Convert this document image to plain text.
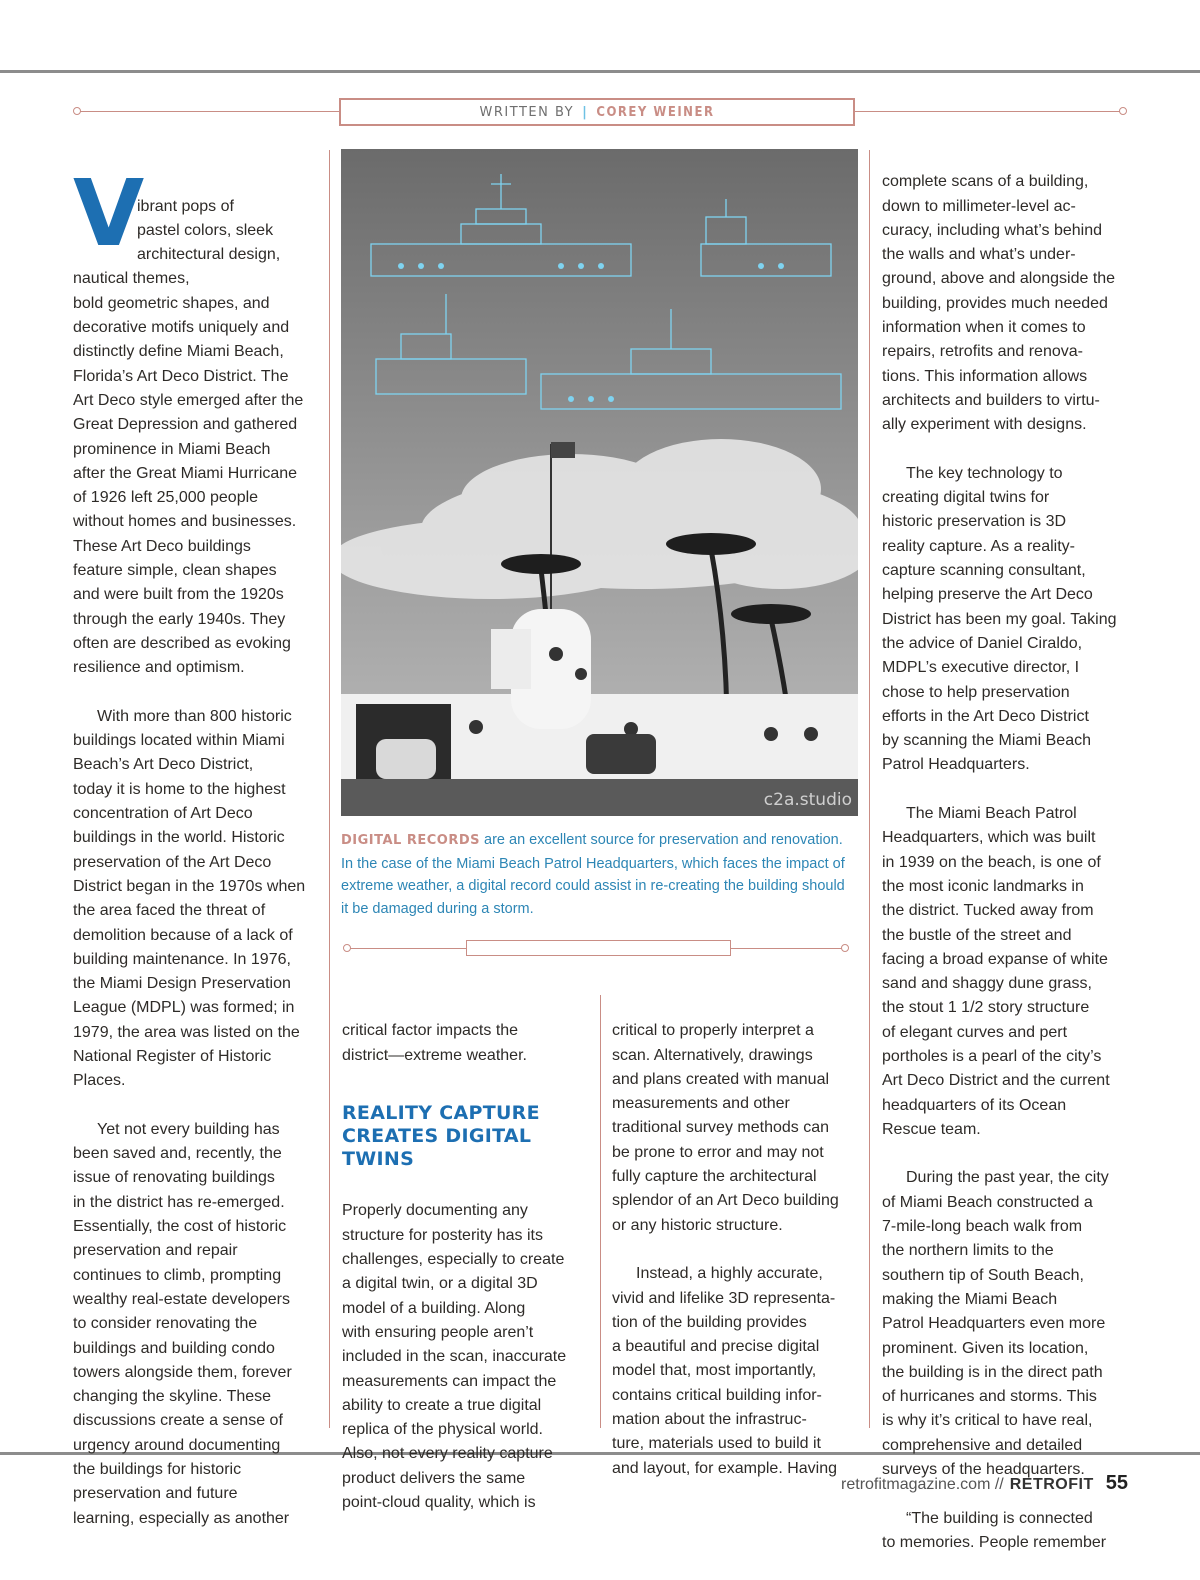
WRITTEN BY | COREY WEINER

V

ibrant pops of
pastel colors, sleek
architectural design,
nautical themes,
bold geometric shapes, and
decorative motifs uniquely and
distinctly define Miami Beach,
Florida’s Art Deco District. The
Art Deco style emerged after the
Great Depression and gathered
prominence in Miami Beach
after the Great Miami Hurricane
of 1926 left 25,000 people
without homes and businesses.
These Art Deco buildings
feature simple, clean shapes
and were built from the 1920s
through the early 1940s. They
often are described as evoking
resilience and optimism.

With more than 800 historic
buildings located within Miami
Beach’s Art Deco District,
today it is home to the highest
concentration of Art Deco
buildings in the world. Historic
preservation of the Art Deco
District began in the 1970s when
the area faced the threat of
demolition because of a lack of
building maintenance. In 1976,
the Miami Design Preservation
League (MDPL) was formed; in
1979, the area was listed on the
National Register of Historic
Places.

Yet not every building has
been saved and, recently, the
issue of renovating buildings
in the district has re-emerged.
Essentially, the cost of historic
preservation and repair
continues to climb, prompting
wealthy real-estate developers
to consider renovating the
buildings and building condo
towers alongside them, forever
changing the skyline. These
discussions create a sense of
urgency around documenting
the buildings for historic
preservation and future
learning, especially as another

c2a.studio
DIGITAL RECORDS are an excellent source for preservation and renovation. In the case of the Miami Beach Patrol Headquarters, which faces the impact of extreme weather, a digital record could assist in re-creating the building should it be damaged during a storm.

critical factor impacts the
district—extreme weather.

REALITY CAPTURE
CREATES DIGITAL TWINS

Properly documenting any
structure for posterity has its
challenges, especially to create
a digital twin, or a digital 3D
model of a building. Along
with ensuring people aren’t
included in the scan, inaccurate
measurements can impact the
ability to create a true digital
replica of the physical world.
Also, not every reality capture
product delivers the same
point-cloud quality, which is

critical to properly interpret a
scan. Alternatively, drawings
and plans created with manual
measurements and other
traditional survey methods can
be prone to error and may not
fully capture the architectural
splendor of an Art Deco building
or any historic structure.

Instead, a highly accurate,
vivid and lifelike 3D representa-
tion of the building provides
a beautiful and precise digital
model that, most importantly,
contains critical building infor-
mation about the infrastruc-
ture, materials used to build it
and layout, for example. Having

complete scans of a building,
down to millimeter-level ac-
curacy, including what’s behind
the walls and what’s under-
ground, above and alongside the
building, provides much needed
information when it comes to
repairs, retrofits and renova-
tions. This information allows
architects and builders to virtu-
ally experiment with designs.

The key technology to
creating digital twins for
historic preservation is 3D
reality capture. As a reality-
capture scanning consultant,
helping preserve the Art Deco
District has been my goal. Taking
the advice of Daniel Ciraldo,
MDPL’s executive director, I
chose to help preservation
efforts in the Art Deco District
by scanning the Miami Beach
Patrol Headquarters.

The Miami Beach Patrol
Headquarters, which was built
in 1939 on the beach, is one of
the most iconic landmarks in
the district. Tucked away from
the bustle of the street and
facing a broad expanse of white
sand and shaggy dune grass,
the stout 1 1/2 story structure
of elegant curves and pert
portholes is a pearl of the city’s
Art Deco District and the current
headquarters of its Ocean
Rescue team.

During the past year, the city
of Miami Beach constructed a
7-mile-long beach walk from
the northern limits to the
southern tip of South Beach,
making the Miami Beach
Patrol Headquarters even more
prominent. Given its location,
the building is in the direct path
of hurricanes and storms. This
is why it’s critical to have real,
comprehensive and detailed
surveys of the headquarters.

“The building is connected
to memories. People remember

retrofitmagazine.com // RETROFIT 55
